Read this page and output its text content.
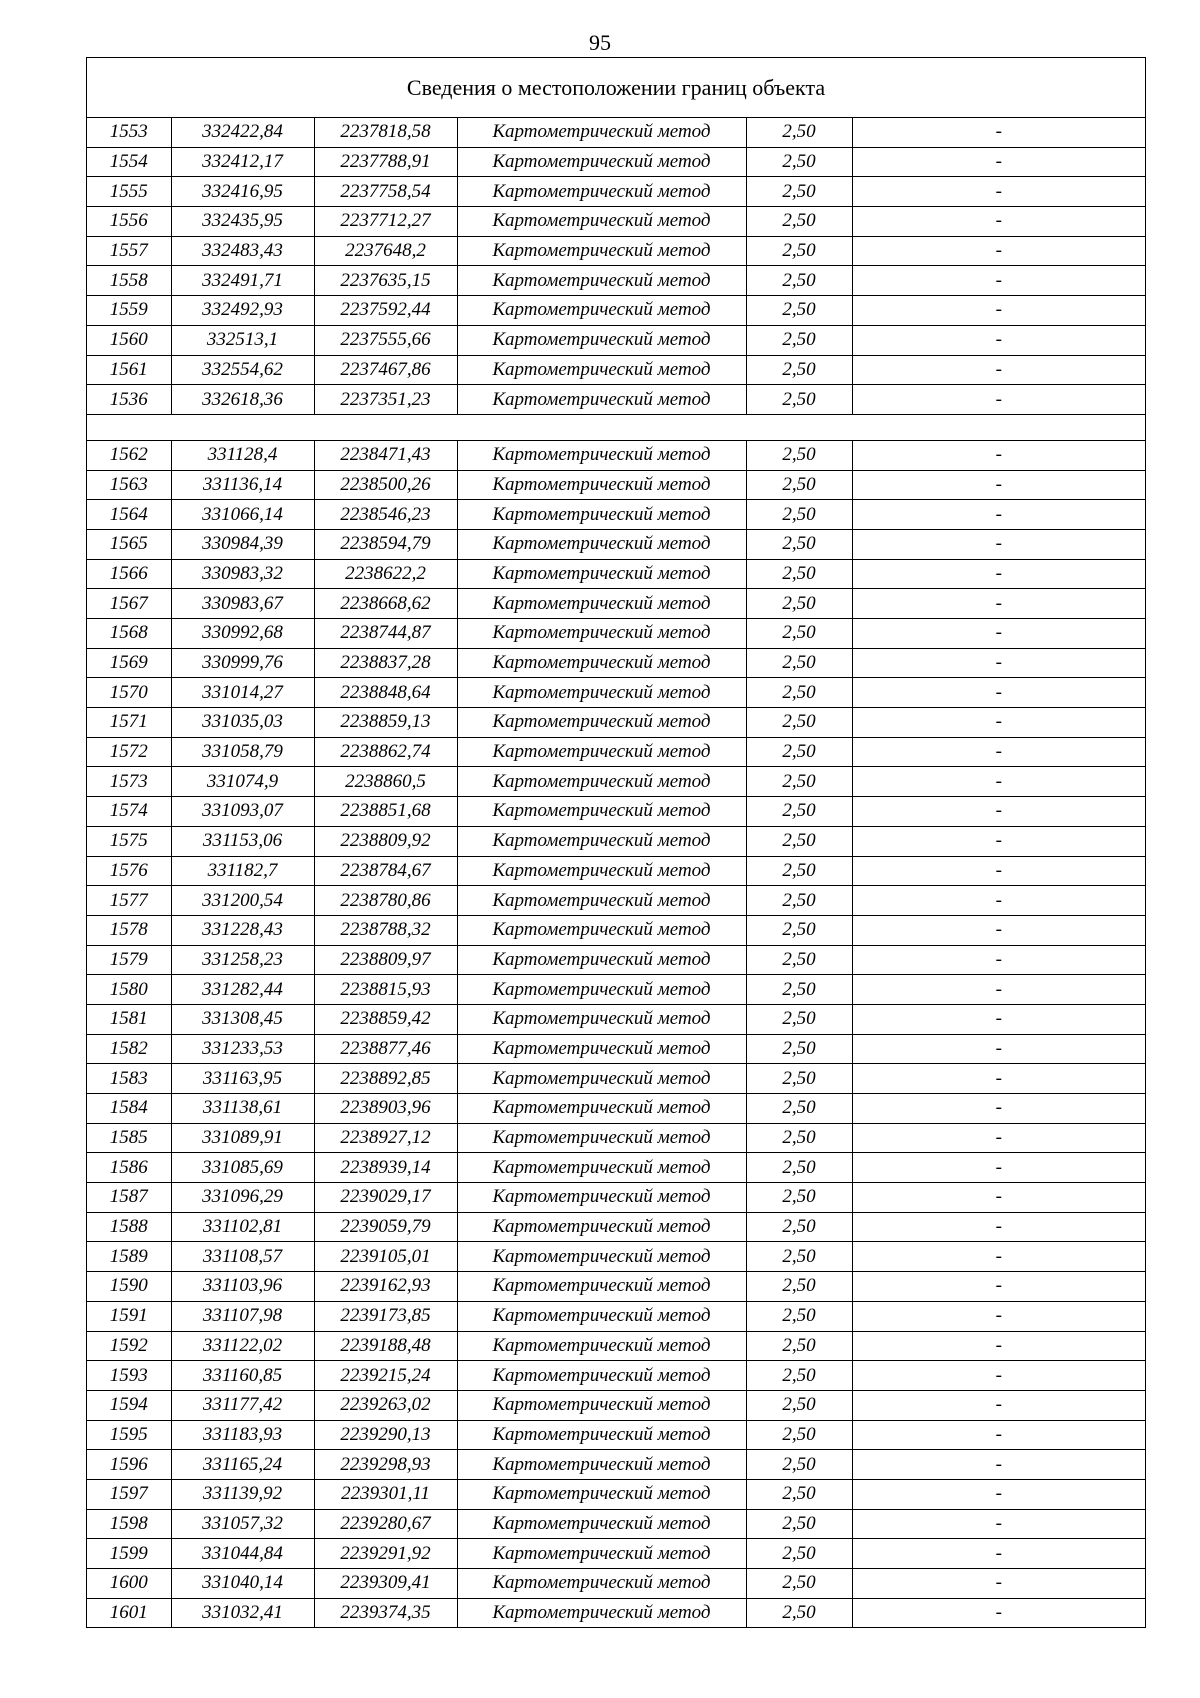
95
Сведения о местоположении границ объекта
1553	332422,84	2237818,58	Картометрический метод	2,50	-
1554	332412,17	2237788,91	Картометрический метод	2,50	-
1555	332416,95	2237758,54	Картометрический метод	2,50	-
1556	332435,95	2237712,27	Картометрический метод	2,50	-
1557	332483,43	2237648,2	Картометрический метод	2,50	-
1558	332491,71	2237635,15	Картометрический метод	2,50	-
1559	332492,93	2237592,44	Картометрический метод	2,50	-
1560	332513,1	2237555,66	Картометрический метод	2,50	-
1561	332554,62	2237467,86	Картометрический метод	2,50	-
1536	332618,36	2237351,23	Картометрический метод	2,50	-

1562	331128,4	2238471,43	Картометрический метод	2,50	-
1563	331136,14	2238500,26	Картометрический метод	2,50	-
1564	331066,14	2238546,23	Картометрический метод	2,50	-
1565	330984,39	2238594,79	Картометрический метод	2,50	-
1566	330983,32	2238622,2	Картометрический метод	2,50	-
1567	330983,67	2238668,62	Картометрический метод	2,50	-
1568	330992,68	2238744,87	Картометрический метод	2,50	-
1569	330999,76	2238837,28	Картометрический метод	2,50	-
1570	331014,27	2238848,64	Картометрический метод	2,50	-
1571	331035,03	2238859,13	Картометрический метод	2,50	-
1572	331058,79	2238862,74	Картометрический метод	2,50	-
1573	331074,9	2238860,5	Картометрический метод	2,50	-
1574	331093,07	2238851,68	Картометрический метод	2,50	-
1575	331153,06	2238809,92	Картометрический метод	2,50	-
1576	331182,7	2238784,67	Картометрический метод	2,50	-
1577	331200,54	2238780,86	Картометрический метод	2,50	-
1578	331228,43	2238788,32	Картометрический метод	2,50	-
1579	331258,23	2238809,97	Картометрический метод	2,50	-
1580	331282,44	2238815,93	Картометрический метод	2,50	-
1581	331308,45	2238859,42	Картометрический метод	2,50	-
1582	331233,53	2238877,46	Картометрический метод	2,50	-
1583	331163,95	2238892,85	Картометрический метод	2,50	-
1584	331138,61	2238903,96	Картометрический метод	2,50	-
1585	331089,91	2238927,12	Картометрический метод	2,50	-
1586	331085,69	2238939,14	Картометрический метод	2,50	-
1587	331096,29	2239029,17	Картометрический метод	2,50	-
1588	331102,81	2239059,79	Картометрический метод	2,50	-
1589	331108,57	2239105,01	Картометрический метод	2,50	-
1590	331103,96	2239162,93	Картометрический метод	2,50	-
1591	331107,98	2239173,85	Картометрический метод	2,50	-
1592	331122,02	2239188,48	Картометрический метод	2,50	-
1593	331160,85	2239215,24	Картометрический метод	2,50	-
1594	331177,42	2239263,02	Картометрический метод	2,50	-
1595	331183,93	2239290,13	Картометрический метод	2,50	-
1596	331165,24	2239298,93	Картометрический метод	2,50	-
1597	331139,92	2239301,11	Картометрический метод	2,50	-
1598	331057,32	2239280,67	Картометрический метод	2,50	-
1599	331044,84	2239291,92	Картометрический метод	2,50	-
1600	331040,14	2239309,41	Картометрический метод	2,50	-
1601	331032,41	2239374,35	Картометрический метод	2,50	-
